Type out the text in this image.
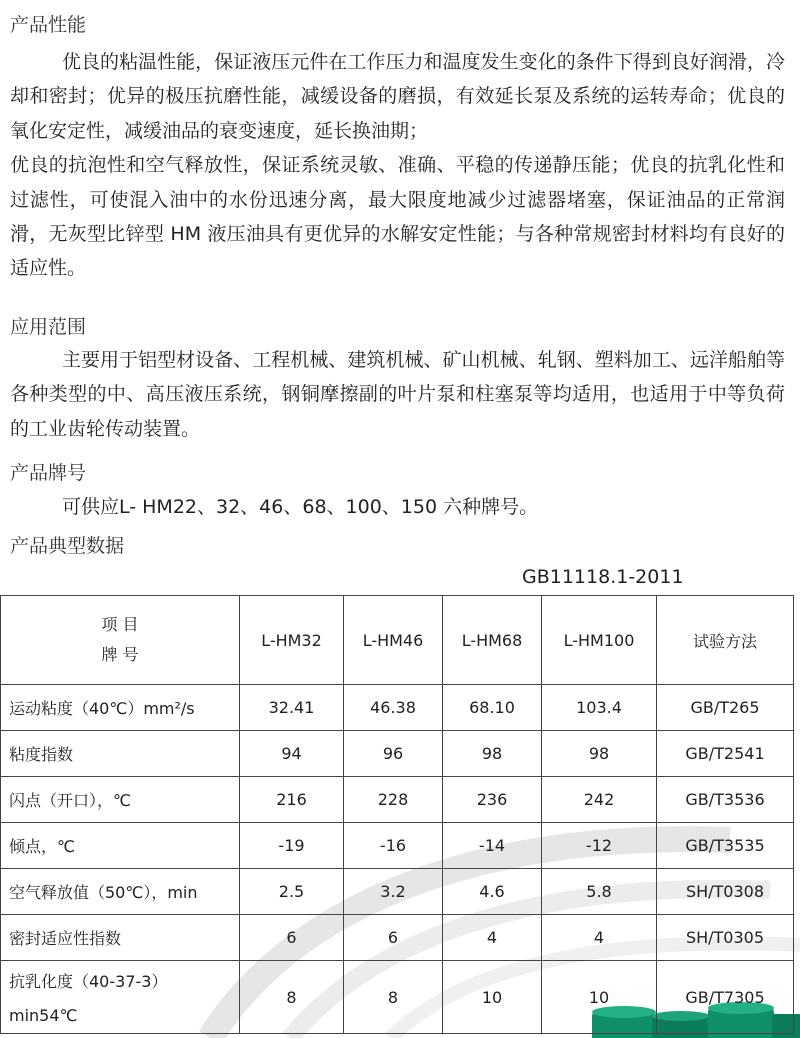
产品性能

优良的粘温性能，保证液压元件在工作压力和温度发生变化的条件下得到良好润滑，冷却和密封；优异的极压抗磨性能，减缓设备的磨损，有效延长泵及系统的运转寿命；优良的氧化安定性，减缓油品的衰变速度，延长换油期；

优良的抗泡性和空气释放性，保证系统灵敏、准确、平稳的传递静压能；优良的抗乳化性和过滤性，可使混入油中的水份迅速分离，最大限度地减少过滤器堵塞，保证油品的正常润滑，无灰型比锌型 HM 液压油具有更优异的水解安定性能；与各种常规密封材料均有良好的适应性。

应用范围

主要用于铝型材设备、工程机械、建筑机械、矿山机械、轧钢、塑料加工、远洋船舶等各种类型的中、高压液压系统，钢铜摩擦副的叶片泵和柱塞泵等均适用，也适用于中等负荷的工业齿轮传动装置。

产品牌号

可供应L- HM22、32、46、68、100、150 六种牌号。

产品典型数据
GB11118.1-2011
项 目
牌 号	L-HM32	L-HM46	L-HM68	L-HM100	试验方法
运动粘度（40℃）mm²/s	32.41	46.38	68.10	103.4	GB/T265
粘度指数	94	96	98	98	GB/T2541
闪点（开口），℃	216	228	236	242	GB/T3536
倾点，℃	-19	-16	-14	-12	GB/T3535
空气释放值（50℃），min	2.5	3.2	4.6	5.8	SH/T0308
密封适应性指数	6	6	4	4	SH/T0305

抗乳化度（40-37-3）
min54℃	8	8	10	10	GB/T7305
